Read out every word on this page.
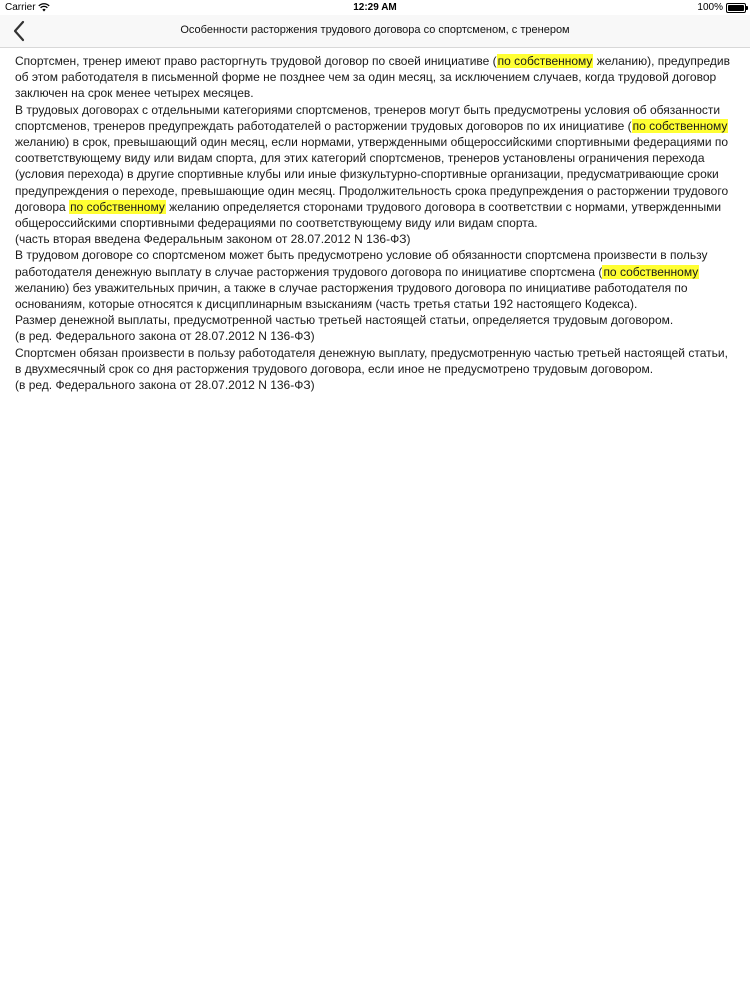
Carrier	12:29 AM	100%
Особенности расторжения трудового договора со спортсменом, с тренером

Спортсмен, тренер имеют право расторгнуть трудовой договор по своей инициативе (по собственному желанию), предупредив об этом работодателя в письменной форме не позднее чем за один месяц, за исключением случаев, когда трудовой договор заключен на срок менее четырех месяцев.

В трудовых договорах с отдельными категориями спортсменов, тренеров могут быть предусмотрены условия об обязанности спортсменов, тренеров предупреждать работодателей о расторжении трудовых договоров по их инициативе (по собственному желанию) в срок, превышающий один месяц, если нормами, утвержденными общероссийскими спортивными федерациями по соответствующему виду или видам спорта, для этих категорий спортсменов, тренеров установлены ограничения перехода (условия перехода) в другие спортивные клубы или иные физкультурно-спортивные организации, предусматривающие сроки предупреждения о переходе, превышающие один месяц. Продолжительность срока предупреждения о расторжении трудового договора по собственному желанию определяется сторонами трудового договора в соответствии с нормами, утвержденными общероссийскими спортивными федерациями по соответствующему виду или видам спорта.

(часть вторая введена Федеральным законом от 28.07.2012 N 136-ФЗ)

В трудовом договоре со спортсменом может быть предусмотрено условие об обязанности спортсмена произвести в пользу работодателя денежную выплату в случае расторжения трудового договора по инициативе спортсмена (по собственному желанию) без уважительных причин, а также в случае расторжения трудового договора по инициативе работодателя по основаниям, которые относятся к дисциплинарным взысканиям (часть третья статьи 192 настоящего Кодекса).

Размер денежной выплаты, предусмотренной частью третьей настоящей статьи, определяется трудовым договором.

(в ред. Федерального закона от 28.07.2012 N 136-ФЗ)

Спортсмен обязан произвести в пользу работодателя денежную выплату, предусмотренную частью третьей настоящей статьи, в двухмесячный срок со дня расторжения трудового договора, если иное не предусмотрено трудовым договором.

(в ред. Федерального закона от 28.07.2012 N 136-ФЗ)
